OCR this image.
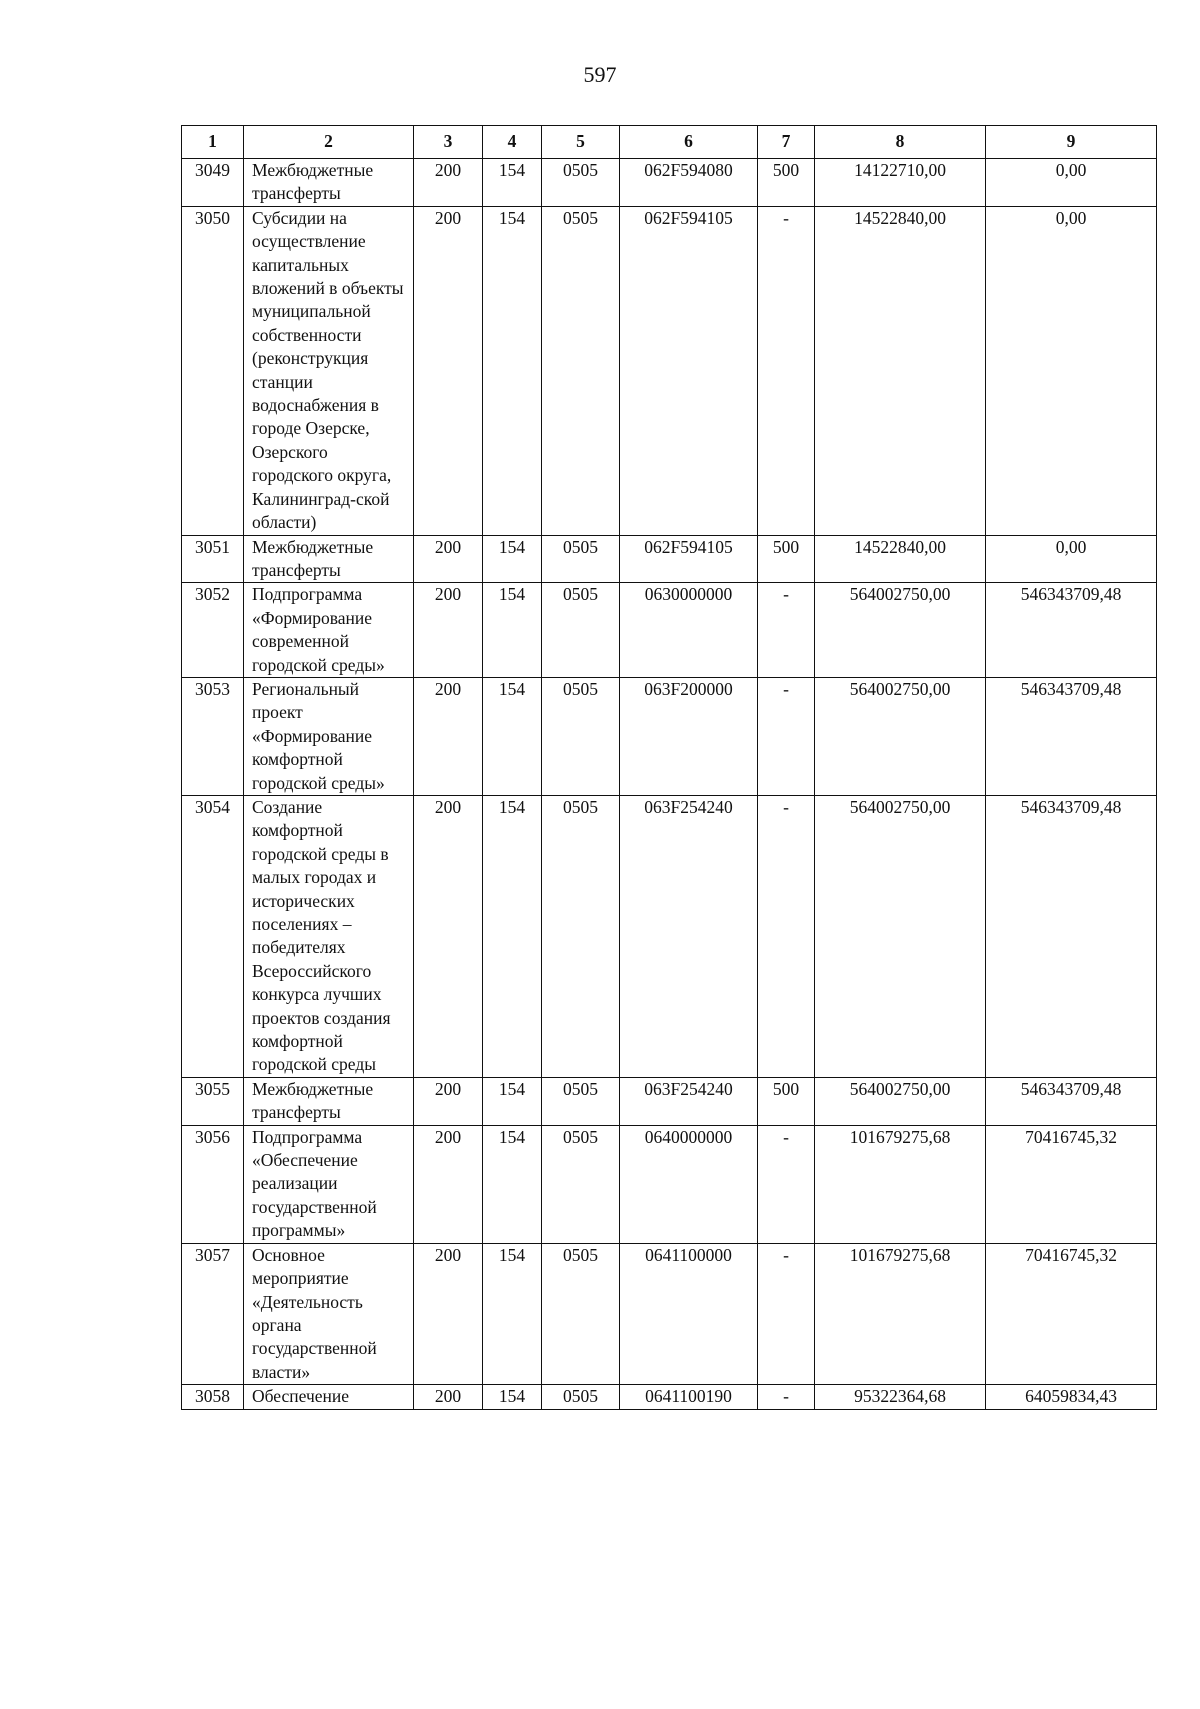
597
1	2	3	4	5	6	7	8	9
3049	Межбюджетные трансферты	200	154	0505	062F594080	500	14122710,00	0,00
3050	Субсидии на осуществление капитальных вложений в объекты муниципальной собственности (реконструкция станции водоснабжения в городе Озерске, Озерского городского округа, Калининград-ской области)	200	154	0505	062F594105	-	14522840,00	0,00
3051	Межбюджетные трансферты	200	154	0505	062F594105	500	14522840,00	0,00
3052	Подпрограмма «Формирование современной городской среды»	200	154	0505	0630000000	-	564002750,00	546343709,48
3053	Региональный проект «Формирование комфортной городской среды»	200	154	0505	063F200000	-	564002750,00	546343709,48
3054	Создание комфортной городской среды в малых городах и исторических поселениях – победителях Всероссийского конкурса лучших проектов создания комфортной городской среды	200	154	0505	063F254240	-	564002750,00	546343709,48
3055	Межбюджетные трансферты	200	154	0505	063F254240	500	564002750,00	546343709,48
3056	Подпрограмма «Обеспечение реализации государственной программы»	200	154	0505	0640000000	-	101679275,68	70416745,32
3057	Основное мероприятие «Деятельность органа государственной власти»	200	154	0505	0641100000	-	101679275,68	70416745,32
3058	Обеспечение	200	154	0505	0641100190	-	95322364,68	64059834,43
